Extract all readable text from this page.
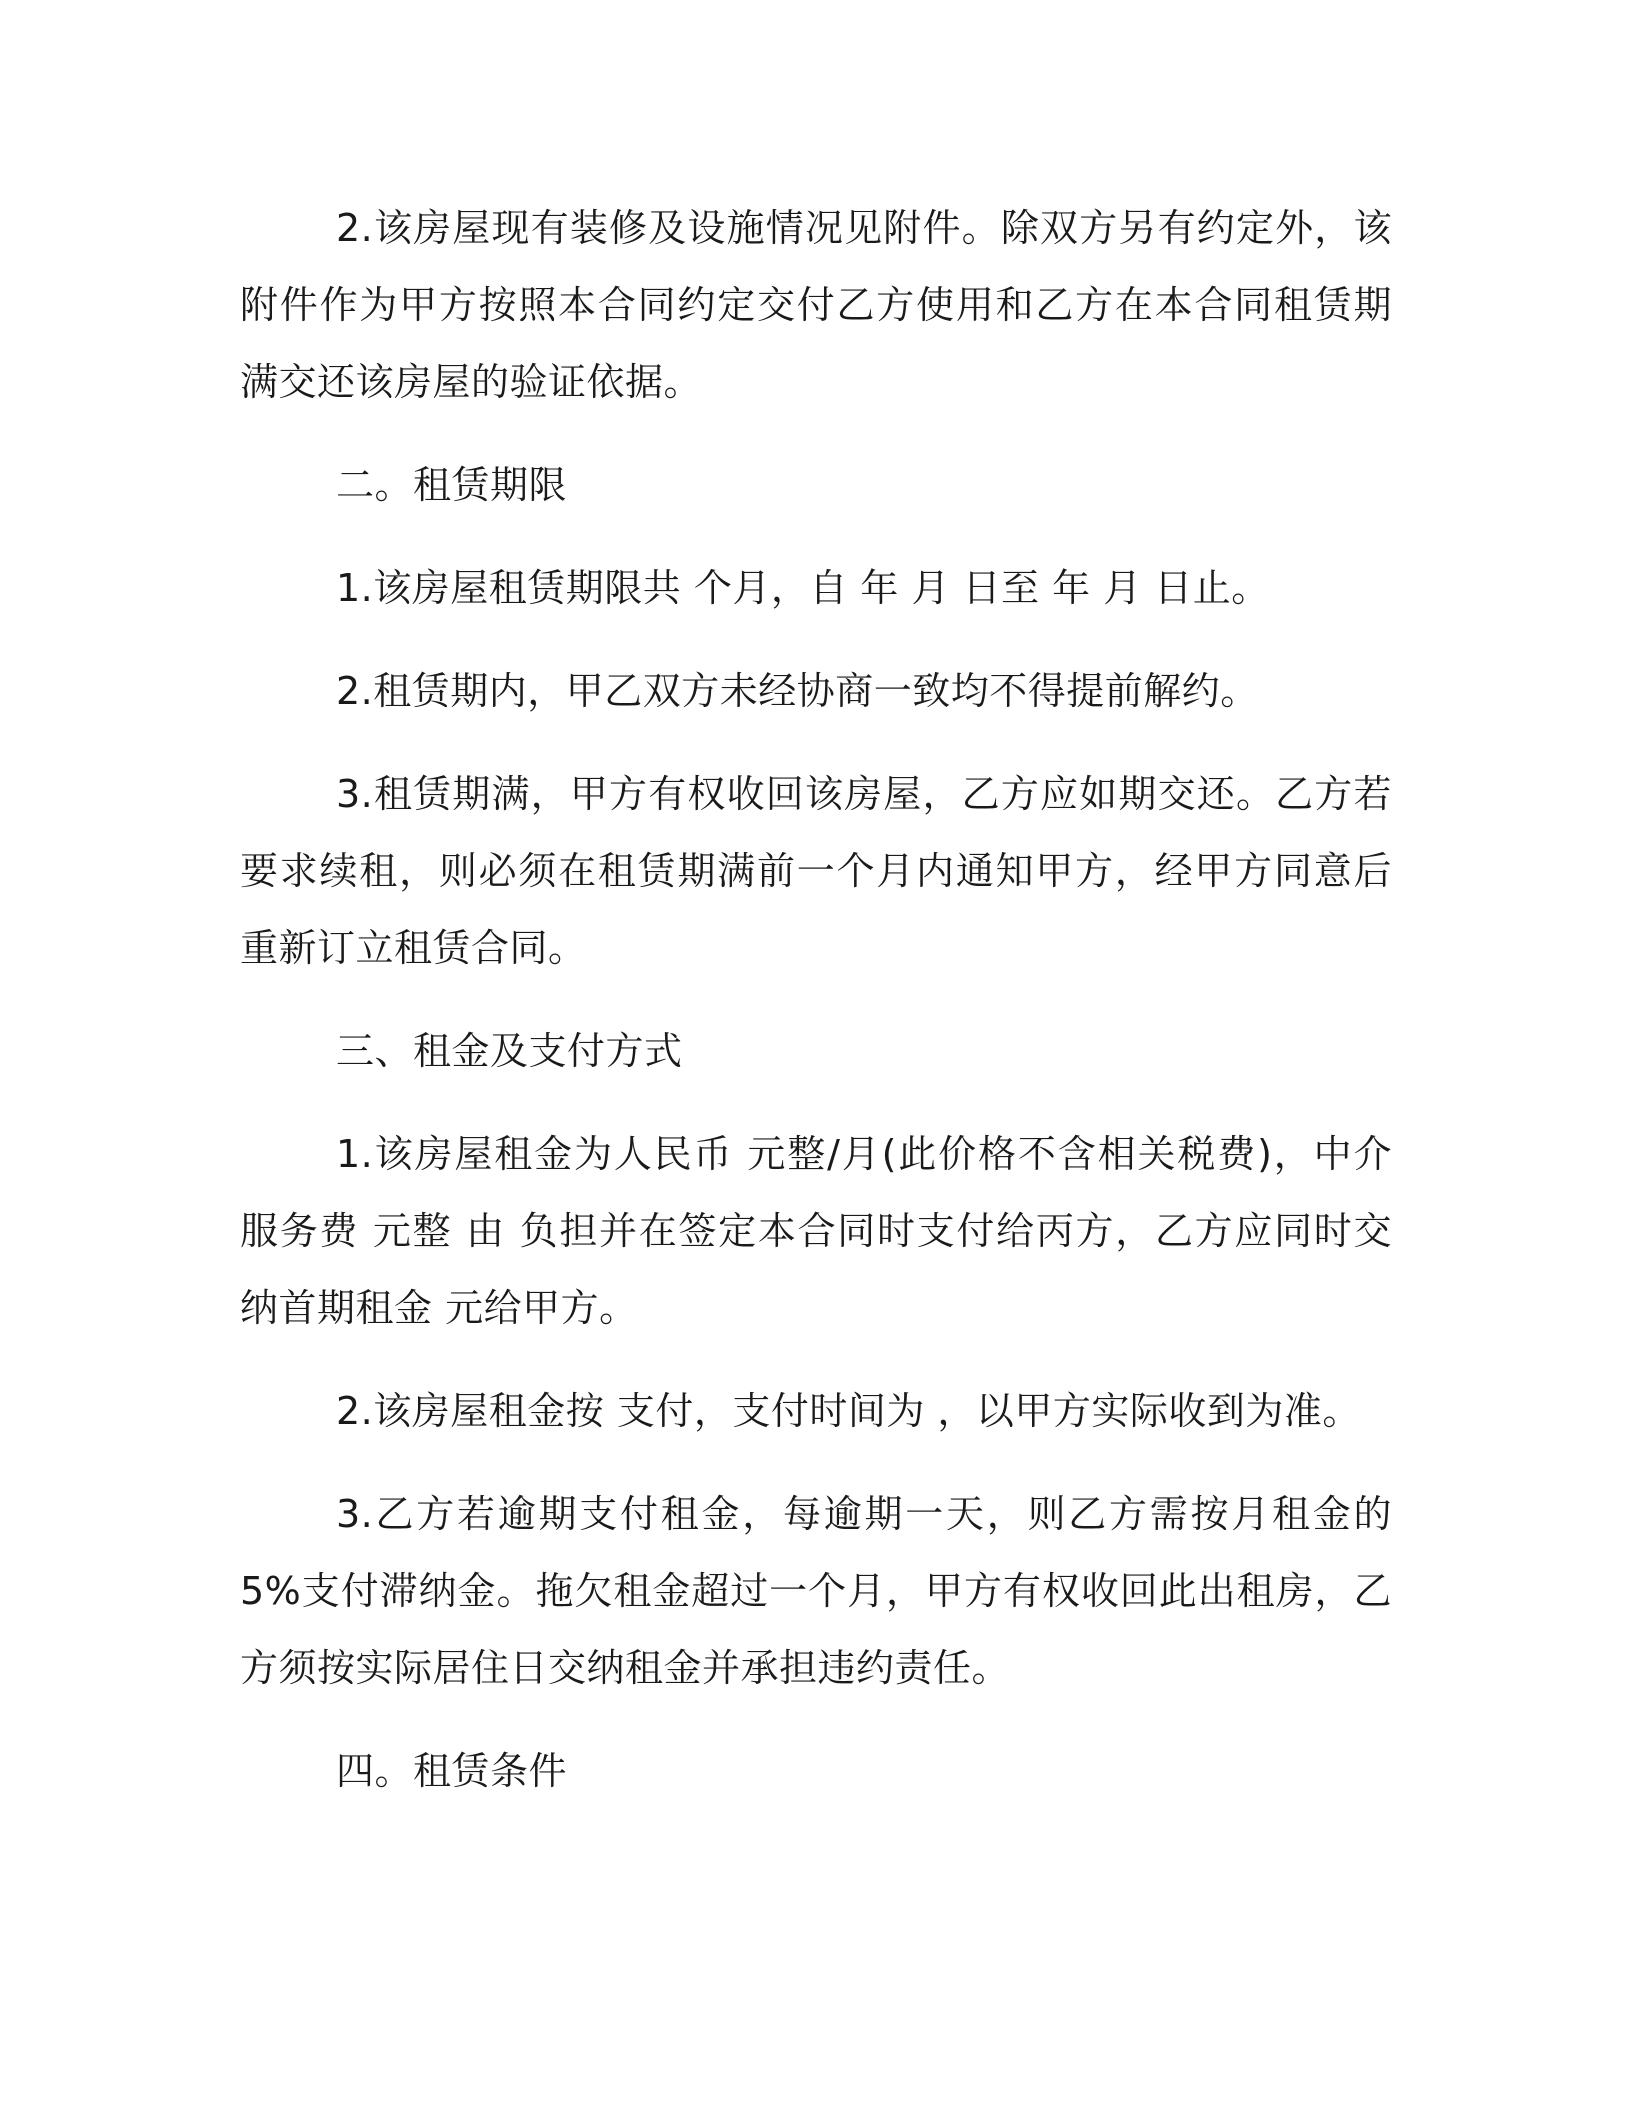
2.该房屋现有装修及设施情况见附件。除双方另有约定外，该附件作为甲方按照本合同约定交付乙方使用和乙方在本合同租赁期满交还该房屋的验证依据。

二。租赁期限

1.该房屋租赁期限共 个月，自 年 月 日至 年 月 日止。

2.租赁期内，甲乙双方未经协商一致均不得提前解约。

3.租赁期满，甲方有权收回该房屋，乙方应如期交还。乙方若要求续租，则必须在租赁期满前一个月内通知甲方，经甲方同意后重新订立租赁合同。

三、租金及支付方式

1.该房屋租金为人民币 元整/月(此价格不含相关税费)，中介服务费 元整 由 负担并在签定本合同时支付给丙方，乙方应同时交纳首期租金 元给甲方。

2.该房屋租金按 支付，支付时间为 ，以甲方实际收到为准。

3.乙方若逾期支付租金，每逾期一天，则乙方需按月租金的 5%支付滞纳金。拖欠租金超过一个月，甲方有权收回此出租房，乙方须按实际居住日交纳租金并承担违约责任。

四。租赁条件
